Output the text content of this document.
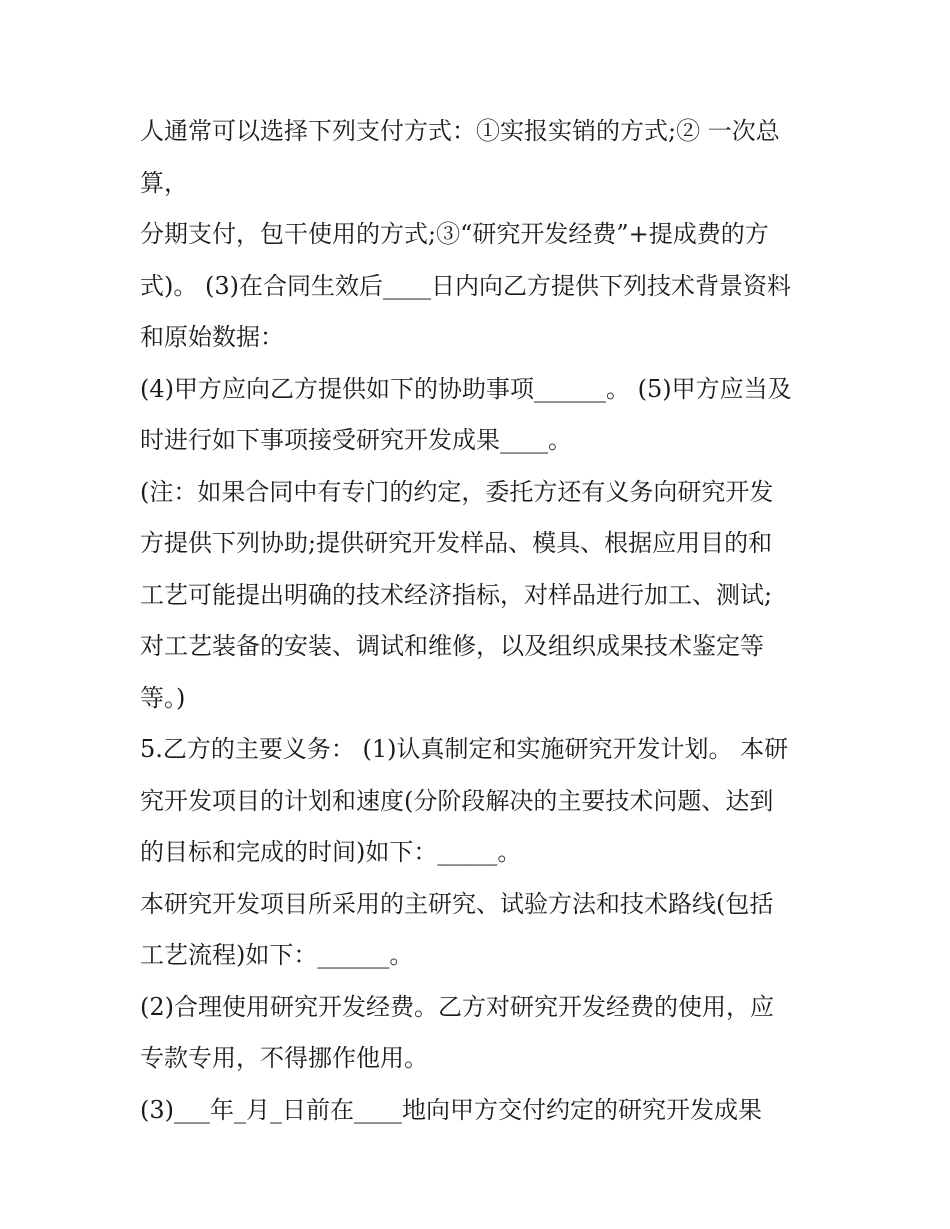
人通常可以选择下列支付方式：①实报实销的方式;② 一次总
算，
分期支付，包干使用的方式;③“研究开发经费”+提成费的方
式)。 (3)在合同生效后____日内向乙方提供下列技术背景资料
和原始数据：
(4)甲方应向乙方提供如下的协助事项______。 (5)甲方应当及
时进行如下事项接受研究开发成果____。
(注：如果合同中有专门的约定，委托方还有义务向研究开发
方提供下列协助;提供研究开发样品、模具、根据应用目的和
工艺可能提出明确的技术经济指标，对样品进行加工、测试;
对工艺装备的安装、调试和维修，以及组织成果技术鉴定等
等。)
5.乙方的主要义务： (1)认真制定和实施研究开发计划。 本研
究开发项目的计划和速度(分阶段解决的主要技术问题、达到
的目标和完成的时间)如下：_____。
本研究开发项目所采用的主研究、试验方法和技术路线(包括
工艺流程)如下：______。
(2)合理使用研究开发经费。乙方对研究开发经费的使用，应
专款专用，不得挪作他用。
(3)___年_月_日前在____地向甲方交付约定的研究开发成果
